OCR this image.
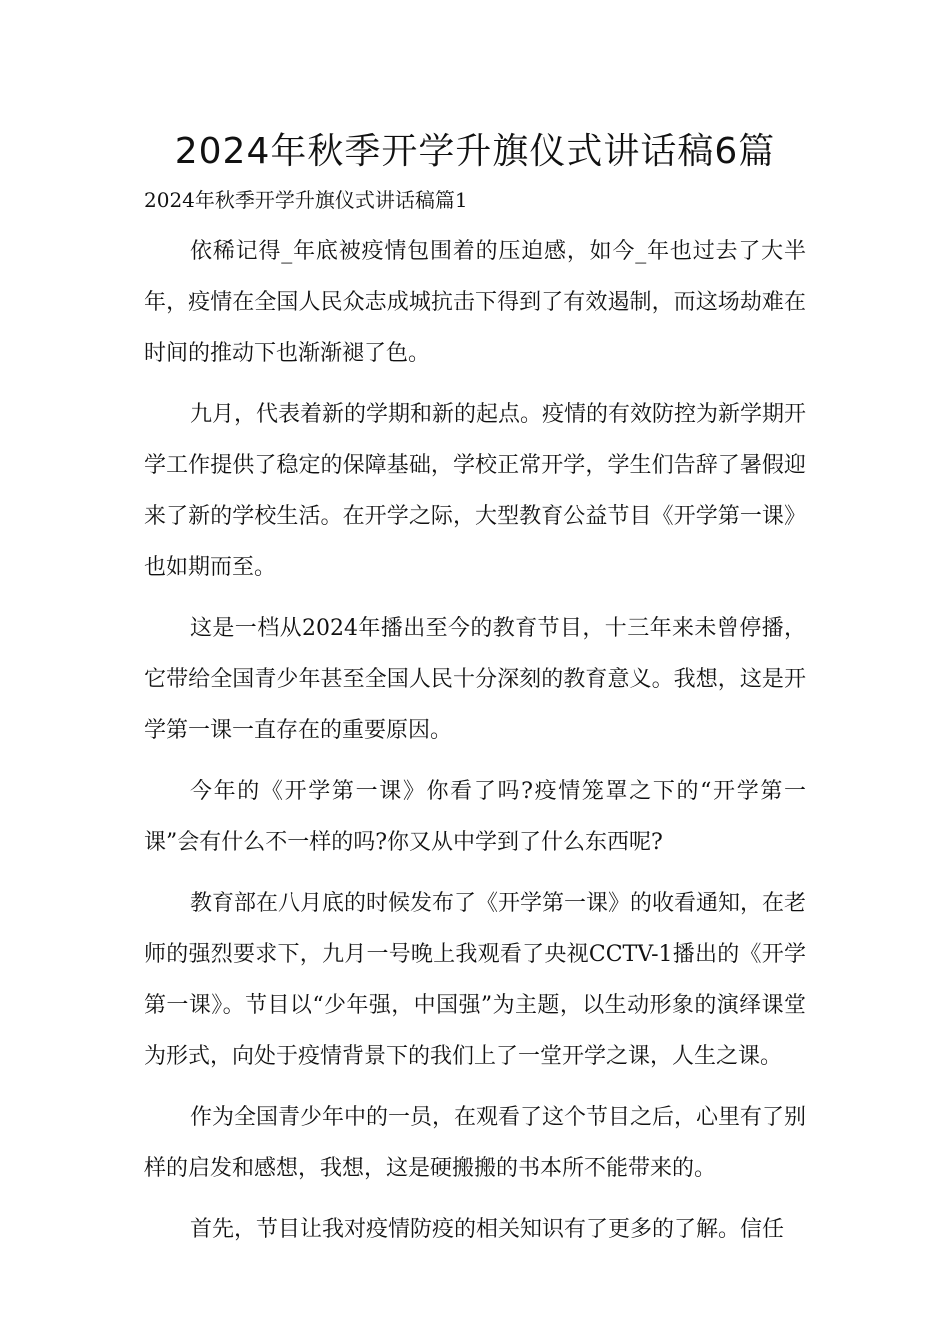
2024年秋季开学升旗仪式讲话稿6篇

2024年秋季开学升旗仪式讲话稿篇1

依稀记得_年底被疫情包围着的压迫感，如今_年也过去了大半年，疫情在全国人民众志成城抗击下得到了有效遏制，而这场劫难在时间的推动下也渐渐褪了色。

九月，代表着新的学期和新的起点。疫情的有效防控为新学期开学工作提供了稳定的保障基础，学校正常开学，学生们告辞了暑假迎来了新的学校生活。在开学之际，大型教育公益节目《开学第一课》也如期而至。

这是一档从2024年播出至今的教育节目，十三年来未曾停播，它带给全国青少年甚至全国人民十分深刻的教育意义。我想，这是开学第一课一直存在的重要原因。

今年的《开学第一课》你看了吗?疫情笼罩之下的“开学第一课”会有什么不一样的吗?你又从中学到了什么东西呢?

教育部在八月底的时候发布了《开学第一课》的收看通知，在老师的强烈要求下，九月一号晚上我观看了央视CCTV-1播出的《开学第一课》。节目以“少年强，中国强”为主题，以生动形象的演绎课堂为形式，向处于疫情背景下的我们上了一堂开学之课，人生之课。

作为全国青少年中的一员，在观看了这个节目之后，心里有了别样的启发和感想，我想，这是硬搬搬的书本所不能带来的。

首先，节目让我对疫情防疫的相关知识有了更多的了解。信任
